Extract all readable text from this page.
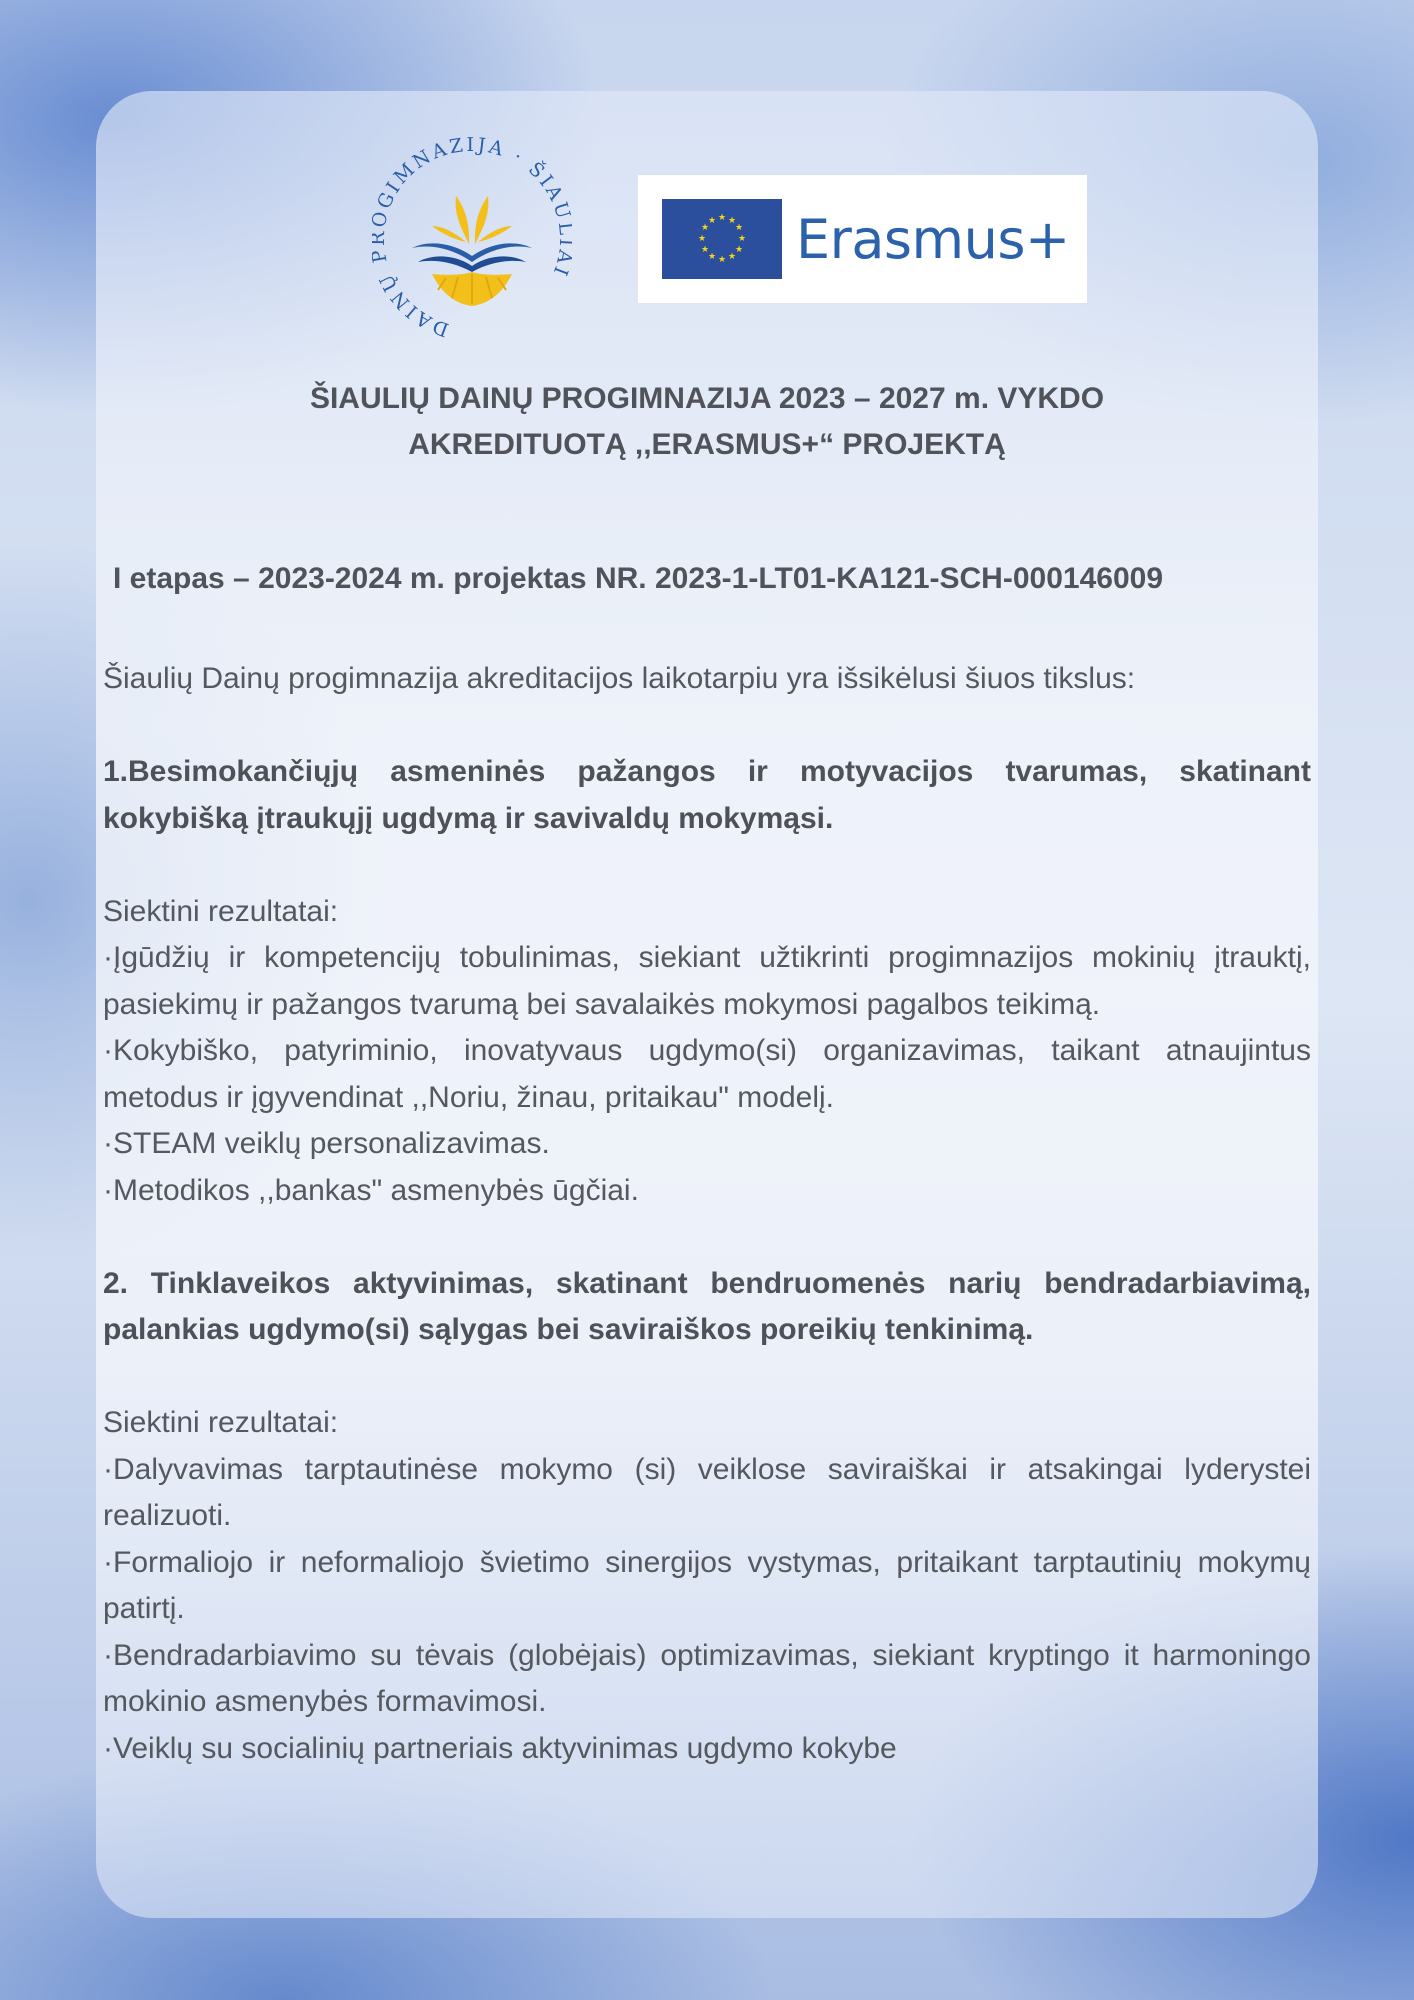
DAINŲ GIMNAZIJA · ŠIA I
★ ★
★
★
★
★
★
★
★
★
★
★ Erasmus+
ŠIAULIŲ DAINŲ PROGIMNAZIJA 2023 – 2027 m. VYKDO
AKREDITUOTĄ ,,ERASMUS+“ PROJEKTĄ
I etapas – 2023-2024 m. projektas NR. 2023-1-LT01-KA121-SCH-000146009

Šiaulių Dainų progimnazija akreditacijos laikotarpiu yra išsikėlusi šiuos tikslus:

1.Besimokančiųjų asmeninės pažangos ir motyvacijos tvarumas, skatinant kokybišką įtraukųjį ugdymą ir savivaldų mokymąsi.

Siektini rezultatai:

·Įgūdžių ir kompetencijų tobulinimas, siekiant užtikrinti progimnazijos mokinių įtrauktį, pasiekimų ir pažangos tvarumą bei savalaikės mokymosi pagalbos teikimą.

·Kokybiško, patyriminio, inovatyvaus ugdymo(si) organizavimas, taikant atnaujintus metodus ir įgyvendinat ,,Noriu, žinau, pritaikau" modelį.

·STEAM veiklų personalizavimas.

·Metodikos ,,bankas" asmenybės ūgčiai.

2. Tinklaveikos aktyvinimas, skatinant bendruomenės narių bendradarbiavimą, palankias ugdymo(si) sąlygas bei saviraiškos poreikių tenkinimą.

Siektini rezultatai:

·Dalyvavimas tarptautinėse mokymo (si) veiklose saviraiškai ir atsakingai lyderystei realizuoti.

·Formaliojo ir neformaliojo švietimo sinergijos vystymas, pritaikant tarptautinių mokymų patirtį.

·Bendradarbiavimo su tėvais (globėjais) optimizavimas, siekiant kryptingo it harmoningo mokinio asmenybės formavimosi.

·Veiklų su socialinių partneriais aktyvinimas ugdymo kokybe
